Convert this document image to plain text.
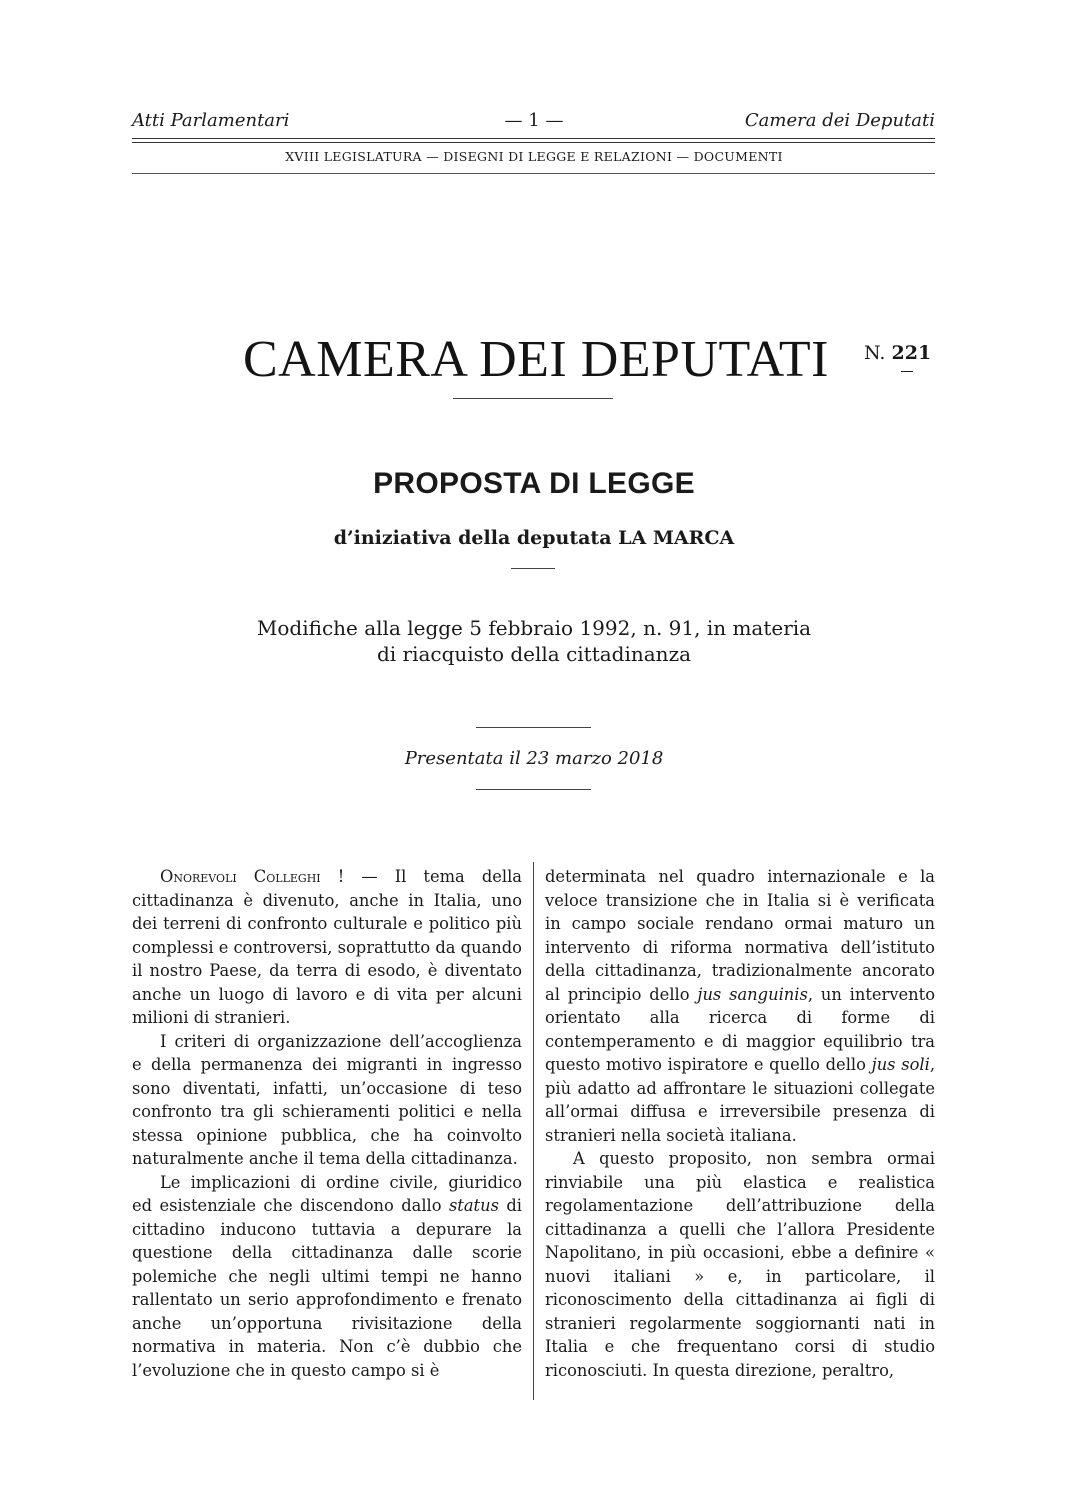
Atti Parlamentari	— 1 —	Camera dei Deputati
XVIII LEGISLATURA — DISEGNI DI LEGGE E RELAZIONI — DOCUMENTI
CAMERA DEI DEPUTATI	N. 221
PROPOSTA DI LEGGE
d’iniziativa della deputata LA MARCA
Modifiche alla legge 5 febbraio 1992, n. 91, in materia
di riacquisto della cittadinanza
Presentata il 23 marzo 2018

Onorevoli Colleghi ! — Il tema della cittadinanza è divenuto, anche in Italia, uno dei terreni di confronto culturale e politico più complessi e controversi, soprattutto da quando il nostro Paese, da terra di esodo, è diventato anche un luogo di lavoro e di vita per alcuni milioni di stranieri.

I criteri di organizzazione dell’accoglienza e della permanenza dei migranti in ingresso sono diventati, infatti, un’occasione di teso confronto tra gli schieramenti politici e nella stessa opinione pubblica, che ha coinvolto naturalmente anche il tema della cittadinanza.

Le implicazioni di ordine civile, giuridico ed esistenziale che discendono dallo status di cittadino inducono tuttavia a depurare la questione della cittadinanza dalle scorie polemiche che negli ultimi tempi ne hanno rallentato un serio approfondimento e frenato anche un’opportuna rivisitazione della normativa in materia. Non c’è dubbio che l’evoluzione che in questo campo si è

determinata nel quadro internazionale e la veloce transizione che in Italia si è verificata in campo sociale rendano ormai maturo un intervento di riforma normativa dell’istituto della cittadinanza, tradizionalmente ancorato al principio dello jus sanguinis, un intervento orientato alla ricerca di forme di contemperamento e di maggior equilibrio tra questo motivo ispiratore e quello dello jus soli, più adatto ad affrontare le situazioni collegate all’ormai diffusa e irreversibile presenza di stranieri nella società italiana.

A questo proposito, non sembra ormai rinviabile una più elastica e realistica regolamentazione dell’attribuzione della cittadinanza a quelli che l’allora Presidente Napolitano, in più occasioni, ebbe a definire « nuovi italiani » e, in particolare, il riconoscimento della cittadinanza ai figli di stranieri regolarmente soggiornanti nati in Italia e che frequentano corsi di studio riconosciuti. In questa direzione, peraltro,
